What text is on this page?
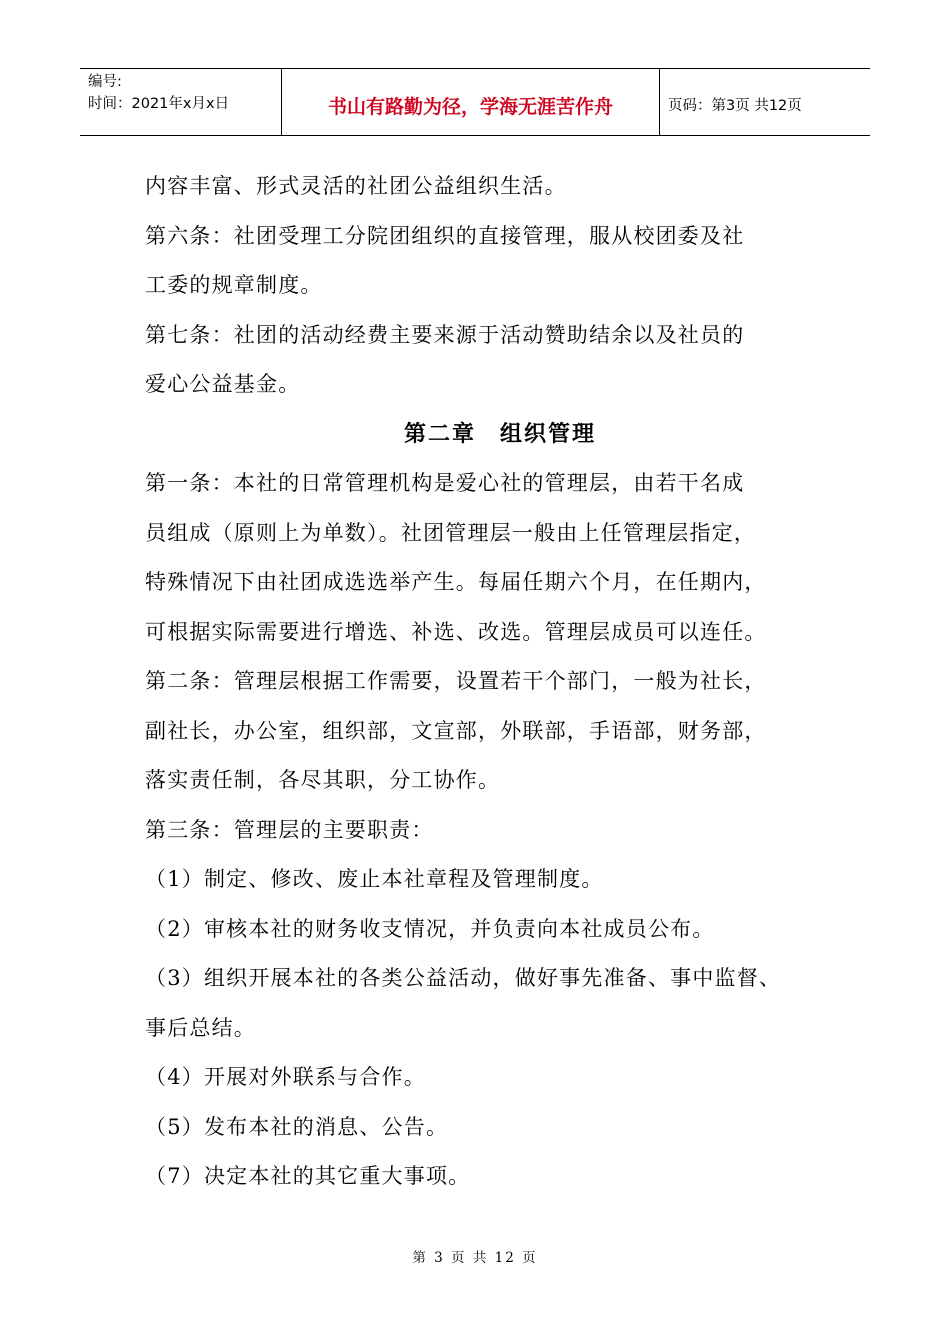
编号:
时间：2021年x月x日	书山有路勤为径，学海无涯苦作舟	页码：第3页 共12页
内容丰富、形式灵活的社团公益组织生活。
第六条：社团受理工分院团组织的直接管理，服从校团委及社
工委的规章制度。
第七条：社团的活动经费主要来源于活动赞助结余以及社员的
爱心公益基金。
第二章　组织管理
第一条：本社的日常管理机构是爱心社的管理层，由若干名成
员组成（原则上为单数）。社团管理层一般由上任管理层指定，
特殊情况下由社团成选选举产生。每届任期六个月，在任期内，
可根据实际需要进行增选、补选、改选。管理层成员可以连任。
第二条：管理层根据工作需要，设置若干个部门，一般为社长，
副社长，办公室，组织部，文宣部，外联部，手语部，财务部，
落实责任制，各尽其职，分工协作。
第三条：管理层的主要职责：
（1）制定、修改、废止本社章程及管理制度。
（2）审核本社的财务收支情况，并负责向本社成员公布。
（3）组织开展本社的各类公益活动，做好事先准备、事中监督、
事后总结。
（4）开展对外联系与合作。
（5）发布本社的消息、公告。
（7）决定本社的其它重大事项。
第 3 页 共 12 页
